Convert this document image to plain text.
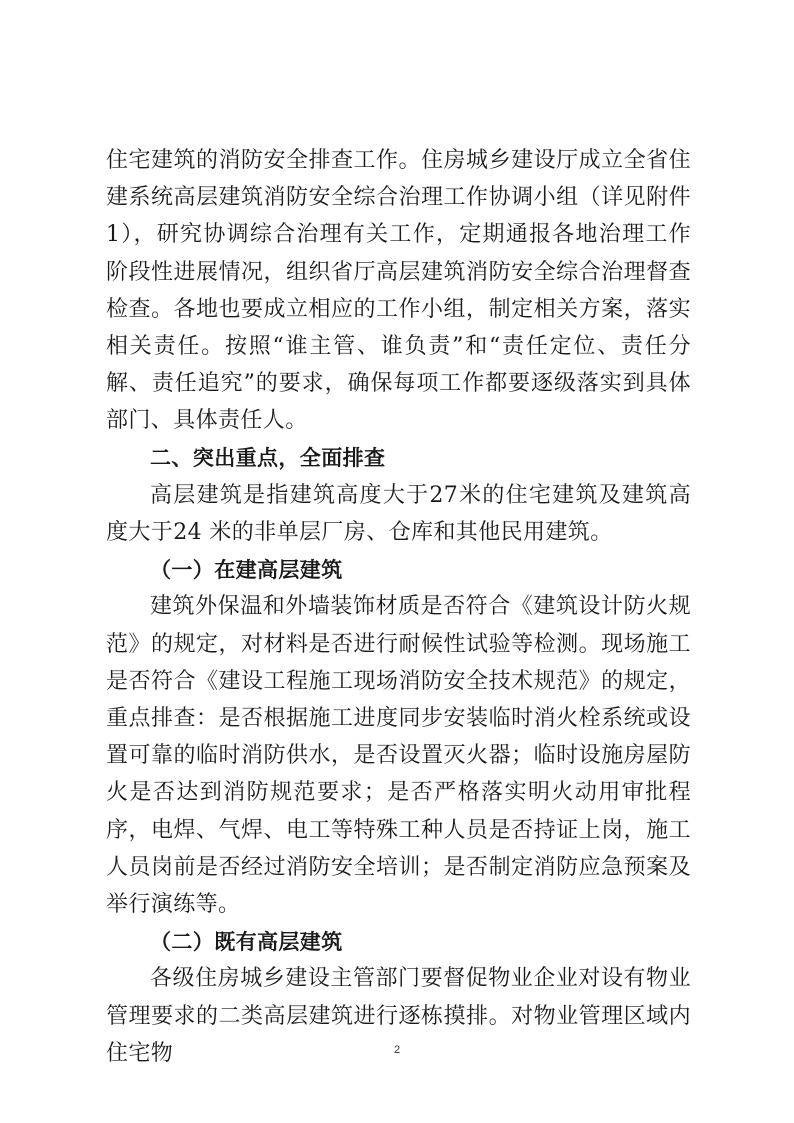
住宅建筑的消防安全排查工作。住房城乡建设厅成立全省住建系统高层建筑消防安全综合治理工作协调小组（详见附件 1），研究协调综合治理有关工作，定期通报各地治理工作阶段性进展情况，组织省厅高层建筑消防安全综合治理督查检查。各地也要成立相应的工作小组，制定相关方案，落实相关责任。按照“谁主管、谁负责”和“责任定位、责任分解、责任追究”的要求，确保每项工作都要逐级落实到具体部门、具体责任人。

二、突出重点，全面排查

高层建筑是指建筑高度大于27米的住宅建筑及建筑高度大于24 米的非单层厂房、仓库和其他民用建筑。

（一）在建高层建筑

建筑外保温和外墙装饰材质是否符合《建筑设计防火规范》的规定，对材料是否进行耐候性试验等检测。现场施工是否符合《建设工程施工现场消防安全技术规范》的规定，重点排查：是否根据施工进度同步安装临时消火栓系统或设置可靠的临时消防供水，是否设置灭火器；临时设施房屋防火是否达到消防规范要求；是否严格落实明火动用审批程序，电焊、气焊、电工等特殊工种人员是否持证上岗，施工人员岗前是否经过消防安全培训；是否制定消防应急预案及举行演练等。

（二）既有高层建筑

各级住房城乡建设主管部门要督促物业企业对设有物业管理要求的二类高层建筑进行逐栋摸排。对物业管理区域内住宅物	2
